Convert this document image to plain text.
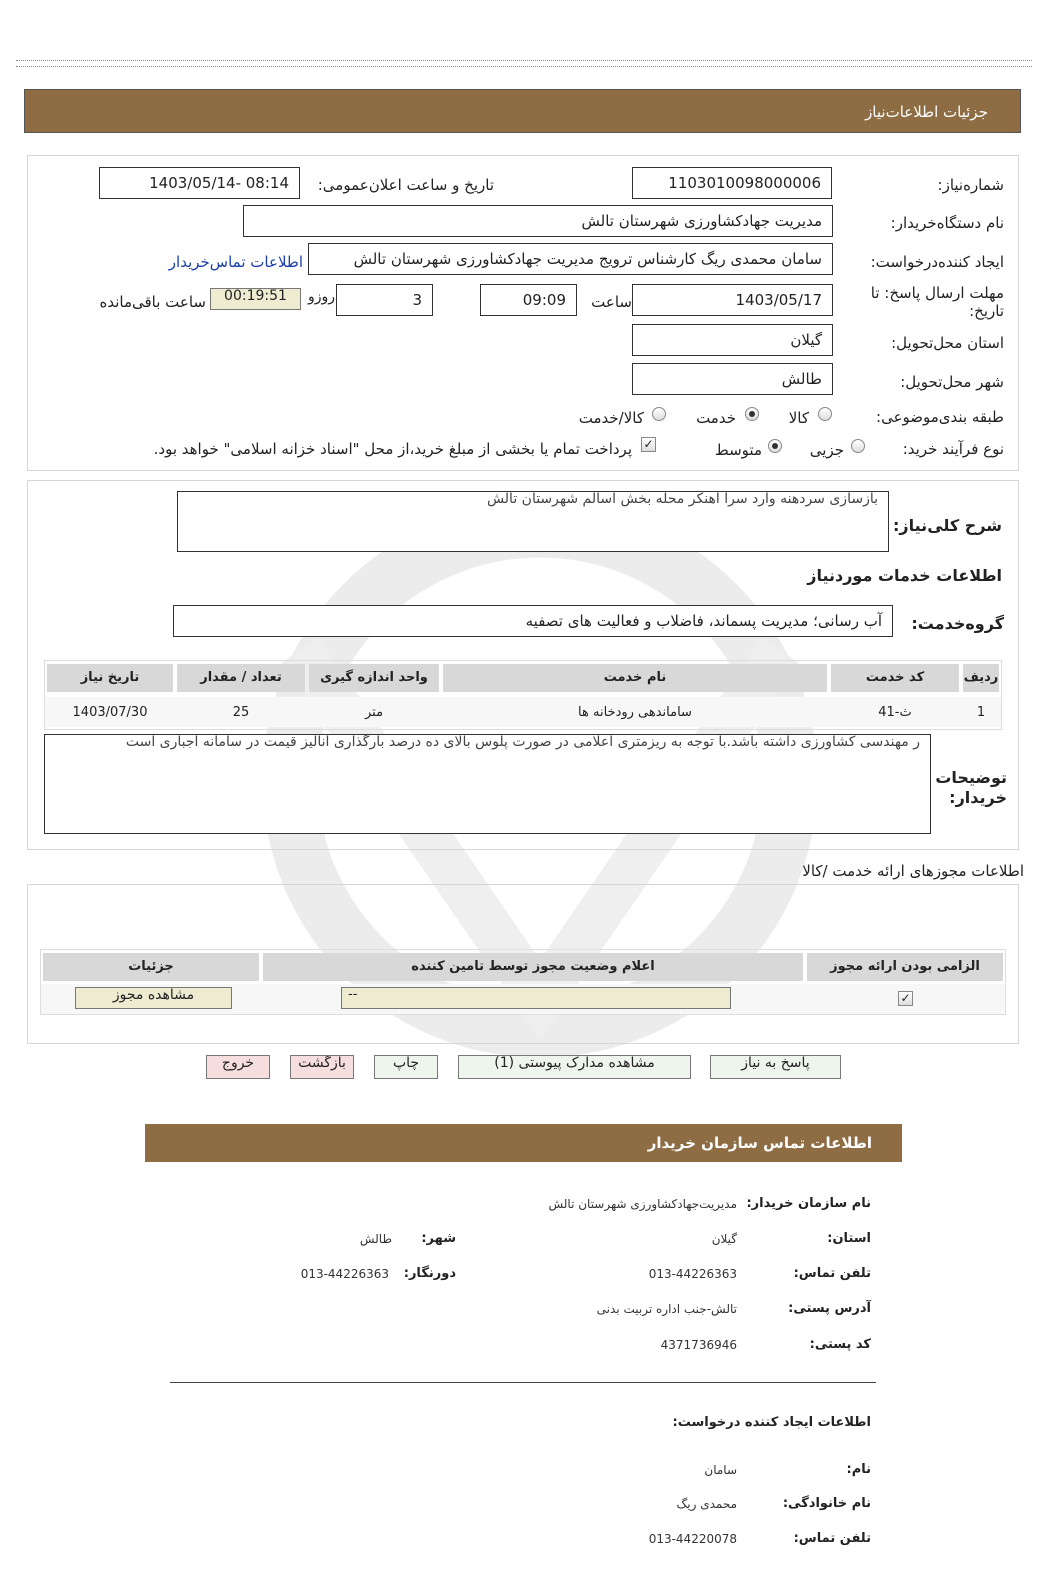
جزئیات اطلاعات‌نیاز
شماره‌نیاز:
1103010098000006
تاریخ و ساعت اعلان‌عمومی:
1403/05/14- 08:14
نام دستگاه‌خریدار:
مدیریت جهادکشاورزی شهرستان تالش
ایجاد کننده‌درخواست:
سامان محمدی ریگ کارشناس ترویج مدیریت جهادکشاورزی شهرستان تالش
اطلاعات تماس‌خریدار
مهلت ارسال پاسخ: تا تاریخ:
1403/05/17
ساعت
09:09
3
روزو
00:19:51
ساعت باقی‌مانده
استان محل‌تحویل:
گیلان
شهر محل‌تحویل:
طالش
طبقه بندی‌موضوعی:
کالا
خدمت
کالا/خدمت
نوع فرآیند خرید:
جزیی
متوسط
✓
پرداخت تمام یا بخشی از مبلغ خرید،از محل "اسناد خزانه اسلامی" خواهد بود.
شرح کلی‌نیاز:
بازسازی سردهنه وارد سرا اهنکر محله بخش اسالم شهرستان تالش
اطلاعات خدمات موردنیاز
گروه‌خدمت:
آب رسانی؛ مدیریت پسماند، فاضلاب و فعالیت های تصفیه
ردیف
کد خدمت
نام خدمت
واحد اندازه گیری
تعداد / مقدار
تاریخ نیاز
1
ث-41
ساماندهی رودخانه ها
متر
25
1403/07/30
توضیحات خریدار:
ر مهندسی کشاورزی داشته باشد.با توجه به ریزمتری اعلامی در صورت پلوس بالای ده درصد بارگذاری انالیز قیمت در سامانه اجباری است
اطلاعات مجوزهای ارائه خدمت /کالا
الزامی بودن ارائه مجوز
اعلام وضعیت مجوز توسط تامین کننده
جزئیات
✓
--
مشاهده مجوز
پاسخ به نیاز
مشاهده مدارک پیوستی (1)
چاپ
بازگشت
خروج
اطلاعات تماس سازمان خریدار
نام سازمان خریدار:
مدیریت‌جهادکشاورزی شهرستان تالش
استان:
گیلان
شهر:
طالش
تلفن تماس:
013-44226363
دورنگار:
013-44226363
آدرس پستی:
تالش-جنب اداره تربیت بدنی
کد پستی:
4371736946
اطلاعات ایجاد کننده درخواست:
نام:
سامان
نام خانوادگی:
محمدی ریگ
تلفن تماس:
013-44220078
